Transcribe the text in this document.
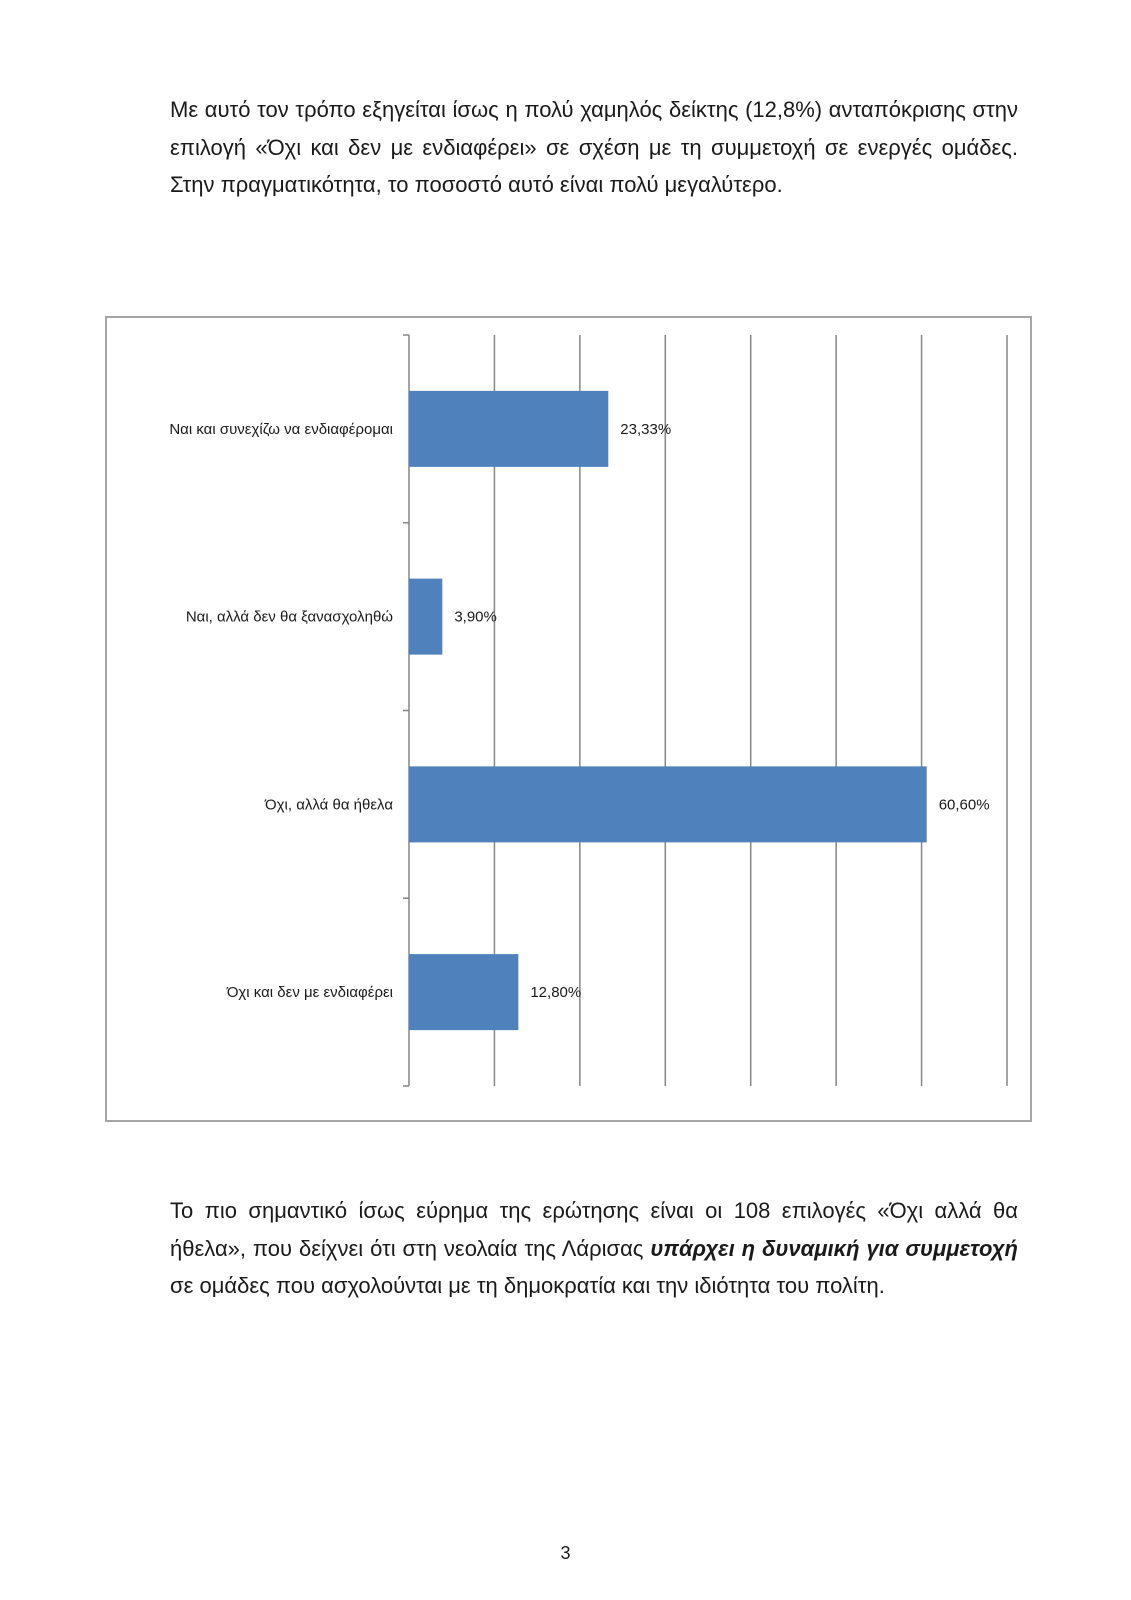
Με αυτό τον τρόπο εξηγείται ίσως η πολύ χαμηλός δείκτης (12,8%) ανταπόκρισης στην επιλογή «Όχι και δεν με ενδιαφέρει» σε σχέση με τη συμμετοχή σε ενεργές ομάδες. Στην πραγματικότητα, το ποσοστό αυτό είναι πολύ μεγαλύτερο.

Ναι και συνεχίζω να ενδιαφέρομαι	23,33%
Ναι, αλλά δεν θα ξανασχοληθώ	3,90%
Όχι, αλλά θα ήθελα	60,60%
Όχι και δεν με ενδιαφέρει	12,80%

Το πιο σημαντικό ίσως εύρημα της ερώτησης είναι οι 108 επιλογές «Όχι αλλά θα ήθελα», που δείχνει ότι στη νεολαία της Λάρισας υπάρχει η δυναμική για συμμετοχή σε ομάδες που ασχολούνται με τη δημοκρατία και την ιδιότητα του πολίτη.

3
